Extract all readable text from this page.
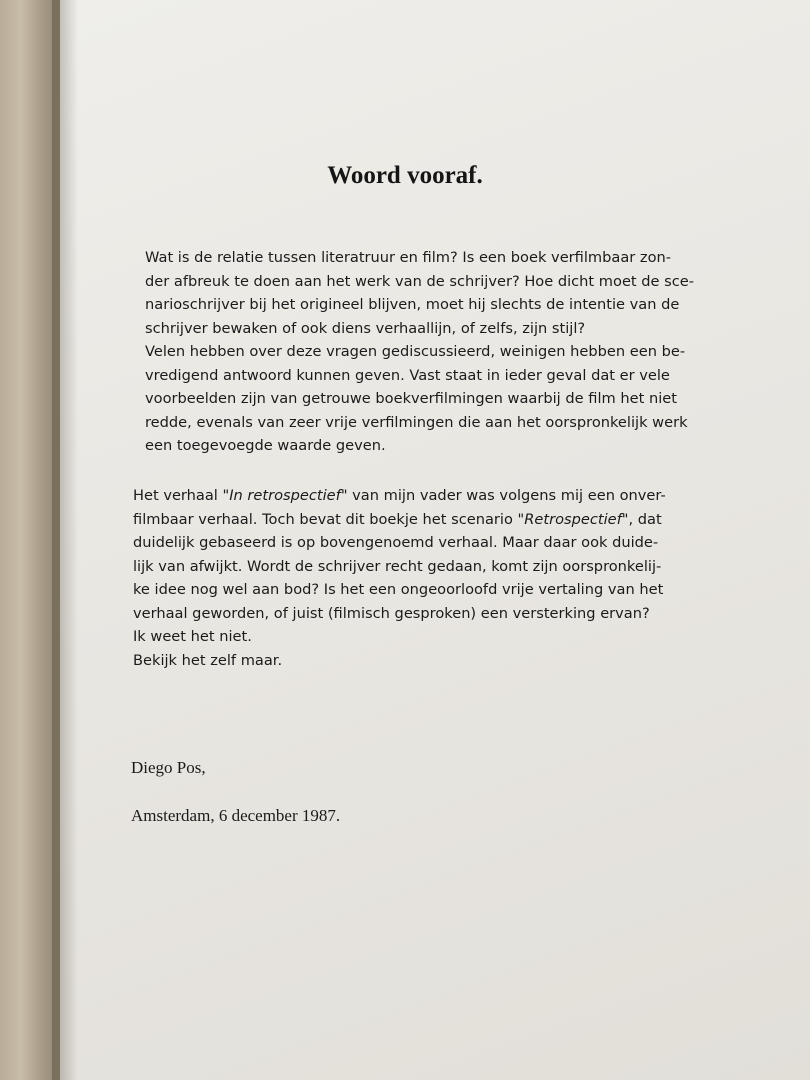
Woord vooraf.
Wat is de relatie tussen literatruur en film? Is een boek verfilmbaar zon-
der afbreuk te doen aan het werk van de schrijver? Hoe dicht moet de sce-
narioschrijver bij het origineel blijven, moet hij slechts de intentie van de
schrijver bewaken of ook diens verhaallijn, of zelfs, zijn stijl?
Velen hebben over deze vragen gediscussieerd, weinigen hebben een be-
vredigend antwoord kunnen geven. Vast staat in ieder geval dat er vele
voorbeelden zijn van getrouwe boekverfilmingen waarbij de film het niet
redde, evenals van zeer vrije verfilmingen die aan het oorspronkelijk werk
een toegevoegde waarde geven.
Het verhaal "In retrospectief" van mijn vader was volgens mij een onver-
filmbaar verhaal. Toch bevat dit boekje het scenario "Retrospectief", dat
duidelijk gebaseerd is op bovengenoemd verhaal. Maar daar ook duide-
lijk van afwijkt. Wordt de schrijver recht gedaan, komt zijn oorspronkelij-
ke idee nog wel aan bod? Is het een ongeoorloofd vrije vertaling van het
verhaal geworden, of juist (filmisch gesproken) een versterking ervan?
Ik weet het niet.
Bekijk het zelf maar.

Diego Pos,

Amsterdam, 6 december 1987.
